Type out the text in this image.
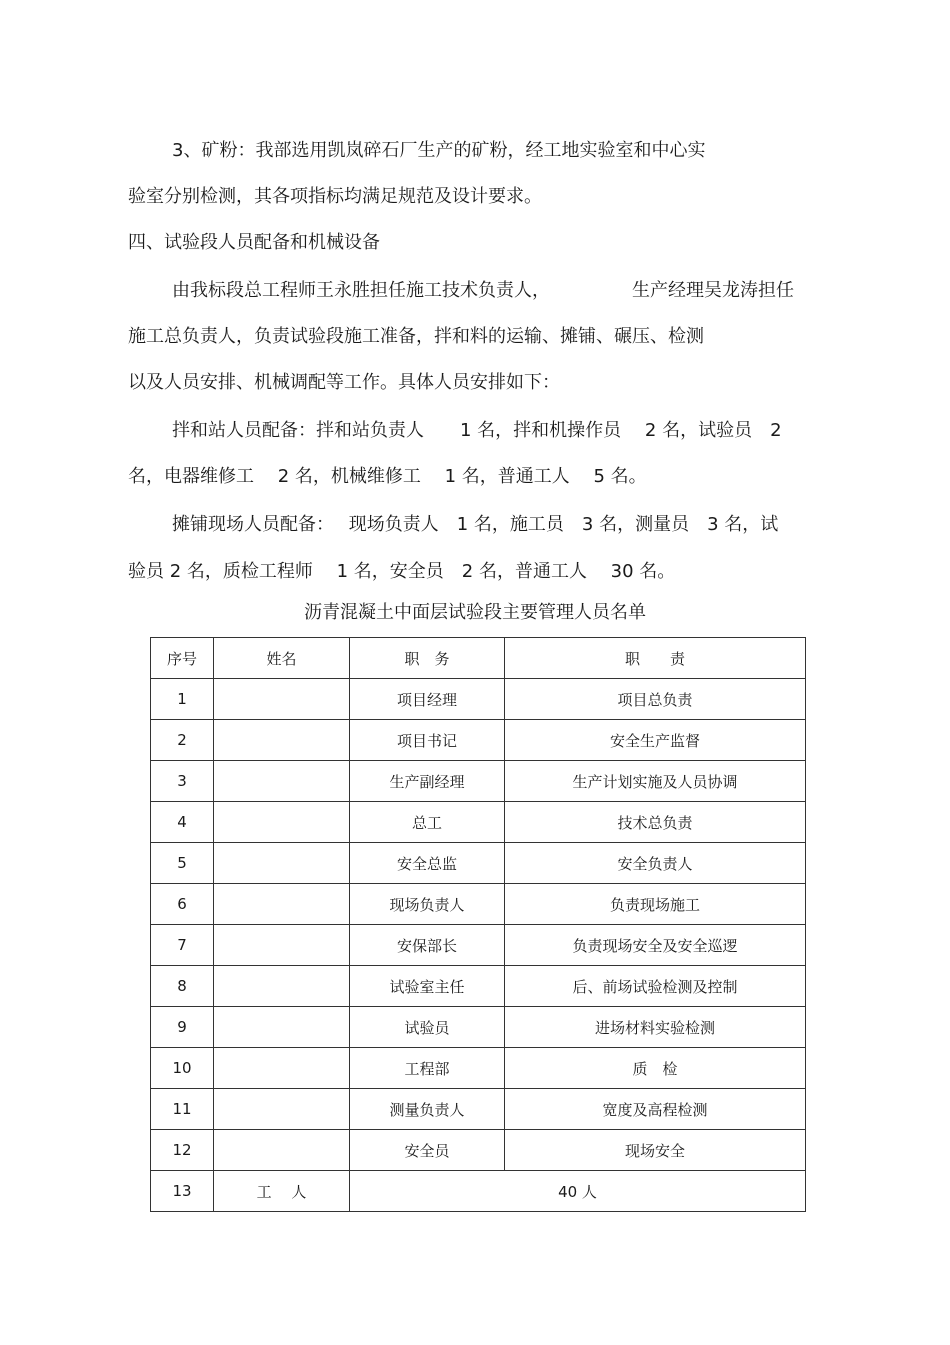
3、矿粉：我部选用凯岚碎石厂生产的矿粉，经工地实验室和中心实
验室分别检测，其各项指标均满足规范及设计要求。
四、试验段人员配备和机械设备
由我标段总工程师王永胜担任施工技术负责人，	生产经理吴龙涛担任
施工总负责人，负责试验段施工准备，拌和料的运输、摊铺、碾压、检测
以及人员安排、机械调配等工作。具体人员安排如下：
拌和站人员配备：拌和站负责人　　1 名，拌和机操作员　 2 名，试验员　2
名，电器维修工　 2 名，机械维修工　 1 名，普通工人　 5 名。
摊铺现场人员配备：　 现场负责人　1 名，施工员　3 名，测量员　3 名，试
验员 2 名，质检工程师　 1 名，安全员　2 名，普通工人　 30 名。
沥青混凝土中面层试验段主要管理人员名单
序号	姓名	职　务	职　　责
1		项目经理	项目总负责
2		项目书记	安全生产监督
3		生产副经理	生产计划实施及人员协调
4		总工	技术总负责
5		安全总监	安全负责人
6		现场负责人	负责现场施工
7		安保部长	负责现场安全及安全巡逻
8		试验室主任	后、前场试验检测及控制
9		试验员	进场材料实验检测
10		工程部	质　检
11		测量负责人	宽度及高程检测
12		安全员	现场安全
13	工　 人	40 人	
